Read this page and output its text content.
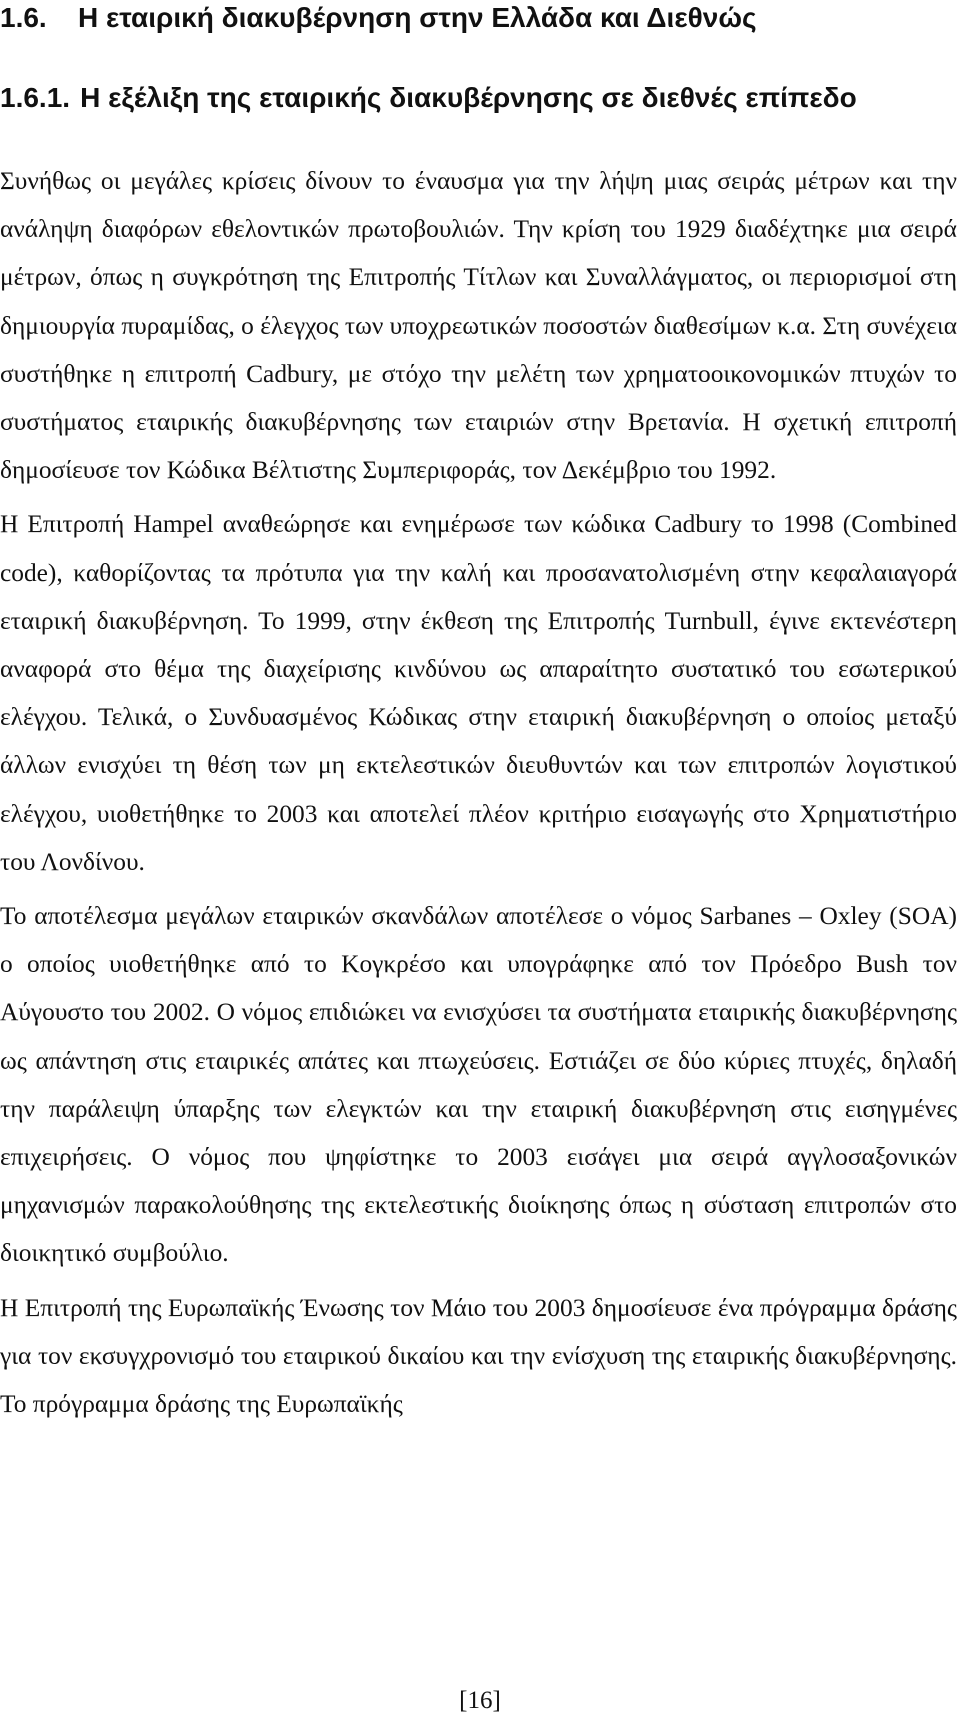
1.6. Η εταιρική διακυβέρνηση στην Ελλάδα και Διεθνώς
1.6.1. Η εξέλιξη της εταιρικής διακυβέρνησης σε διεθνές επίπεδο

Συνήθως οι μεγάλες κρίσεις δίνουν το έναυσμα για την λήψη μιας σειράς μέτρων και την ανάληψη διαφόρων εθελοντικών πρωτοβουλιών. Την κρίση του 1929 διαδέχτηκε μια σειρά μέτρων, όπως η συγκρότηση της Επιτροπής Τίτλων και Συναλλάγματος, οι περιορισμοί στη δημιουργία πυραμίδας, ο έλεγχος των υποχρεωτικών ποσοστών διαθεσίμων κ.α. Στη συνέχεια συστήθηκε η επιτροπή Cadbury, με στόχο την μελέτη των χρηματοοικονομικών πτυχών το συστήματος εταιρικής διακυβέρνησης των εταιριών στην Βρετανία. Η σχετική επιτροπή δημοσίευσε τον Κώδικα Βέλτιστης Συμπεριφοράς, τον Δεκέμβριο του 1992.

Η Επιτροπή Hampel αναθεώρησε και ενημέρωσε των κώδικα Cadbury το 1998 (Combined code), καθορίζοντας τα πρότυπα για την καλή και προσανατολισμένη στην κεφαλαιαγορά εταιρική διακυβέρνηση. Το 1999, στην έκθεση της Επιτροπής Turnbull, έγινε εκτενέστερη αναφορά στο θέμα της διαχείρισης κινδύνου ως απαραίτητο συστατικό του εσωτερικού ελέγχου. Τελικά, ο Συνδυασμένος Κώδικας στην εταιρική διακυβέρνηση ο οποίος μεταξύ άλλων ενισχύει τη θέση των μη εκτελεστικών διευθυντών και των επιτροπών λογιστικού ελέγχου, υιοθετήθηκε το 2003 και αποτελεί πλέον κριτήριο εισαγωγής στο Χρηματιστήριο του Λονδίνου.

Το αποτέλεσμα μεγάλων εταιρικών σκανδάλων αποτέλεσε ο νόμος Sarbanes – Oxley (SOA) ο οποίος υιοθετήθηκε από το Κογκρέσο και υπογράφηκε από τον Πρόεδρο Bush τον Αύγουστο του 2002. Ο νόμος επιδιώκει να ενισχύσει τα συστήματα εταιρικής διακυβέρνησης ως απάντηση στις εταιρικές απάτες και πτωχεύσεις. Εστιάζει σε δύο κύριες πτυχές, δηλαδή την παράλειψη ύπαρξης των ελεγκτών και την εταιρική διακυβέρνηση στις εισηγμένες επιχειρήσεις. Ο νόμος που ψηφίστηκε το 2003 εισάγει μια σειρά αγγλοσαξονικών μηχανισμών παρακολούθησης της εκτελεστικής διοίκησης όπως η σύσταση επιτροπών στο διοικητικό συμβούλιο.

Η Επιτροπή της Ευρωπαϊκής Ένωσης τον Μάιο του 2003 δημοσίευσε ένα πρόγραμμα δράσης για τον εκσυγχρονισμό του εταιρικού δικαίου και την ενίσχυση της εταιρικής διακυβέρνησης. Το πρόγραμμα δράσης της Ευρωπαϊκής

[16]
